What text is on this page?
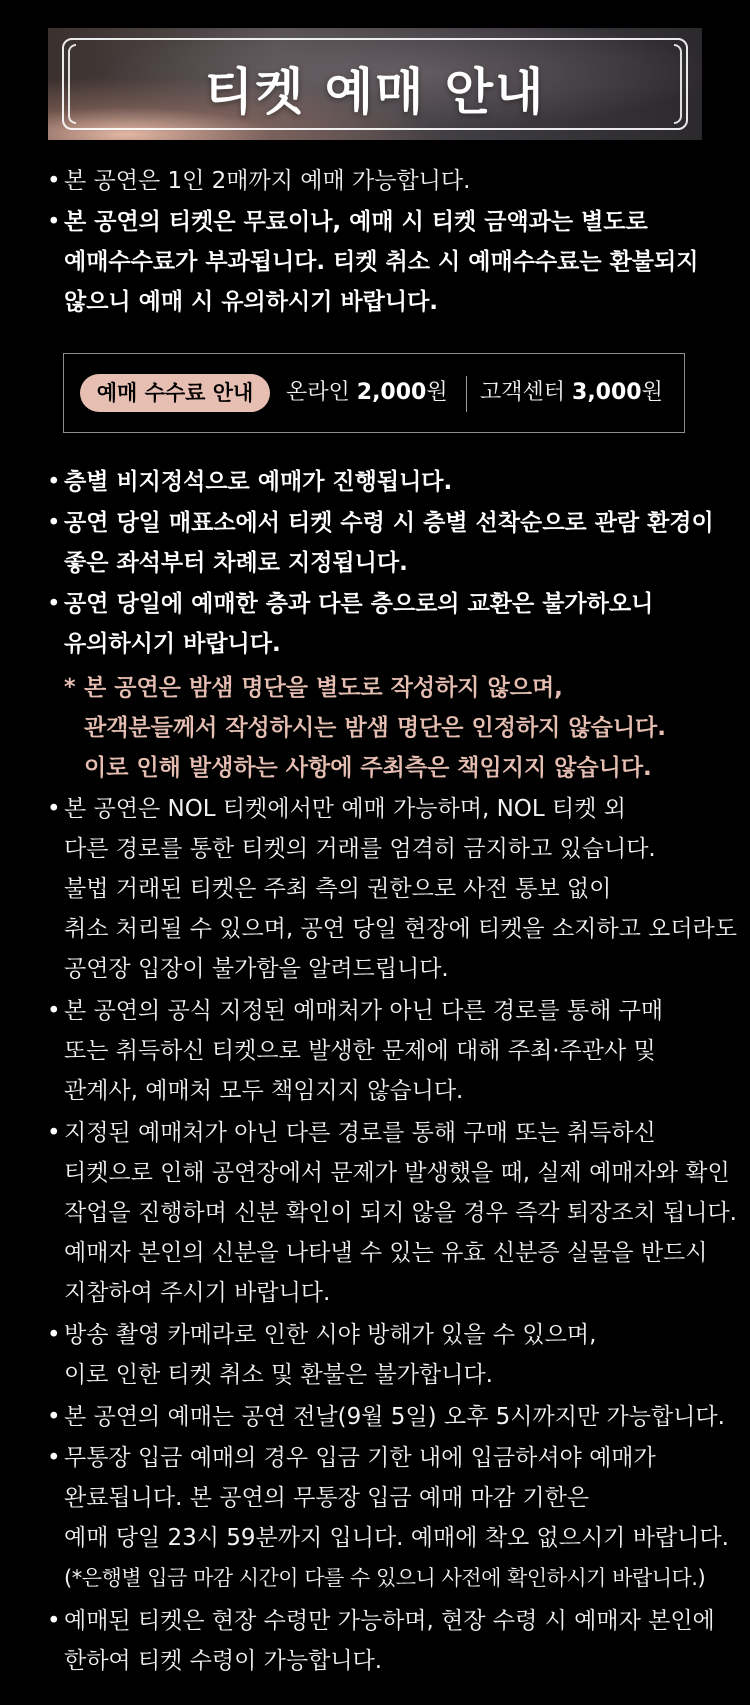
티켓 예매 안내
• 본 공연은 1인 2매까지 예매 가능합니다.
• 본 공연의 티켓은 무료이나, 예매 시 티켓 금액과는 별도로
예매수수료가 부과됩니다. 티켓 취소 시 예매수수료는 환불되지
않으니 예매 시 유의하시기 바랍니다.
예매 수수료 안내	온라인 2,000원 고객센터 3,000원
• 층별 비지정석으로 예매가 진행됩니다.
• 공연 당일 매표소에서 티켓 수령 시 층별 선착순으로 관람 환경이
좋은 좌석부터 차례로 지정됩니다.
• 공연 당일에 예매한 층과 다른 층으로의 교환은 불가하오니
유의하시기 바랍니다.
* 본 공연은 밤샘 명단을 별도로 작성하지 않으며,
관객분들께서 작성하시는 밤샘 명단은 인정하지 않습니다.
이로 인해 발생하는 사항에 주최측은 책임지지 않습니다.
• 본 공연은 NOL 티켓에서만 예매 가능하며, NOL 티켓 외
다른 경로를 통한 티켓의 거래를 엄격히 금지하고 있습니다.
불법 거래된 티켓은 주최 측의 권한으로 사전 통보 없이
취소 처리될 수 있으며, 공연 당일 현장에 티켓을 소지하고 오더라도
공연장 입장이 불가함을 알려드립니다.
• 본 공연의 공식 지정된 예매처가 아닌 다른 경로를 통해 구매
또는 취득하신 티켓으로 발생한 문제에 대해 주최·주관사 및
관계사, 예매처 모두 책임지지 않습니다.
• 지정된 예매처가 아닌 다른 경로를 통해 구매 또는 취득하신
티켓으로 인해 공연장에서 문제가 발생했을 때, 실제 예매자와 확인
작업을 진행하며 신분 확인이 되지 않을 경우 즉각 퇴장조치 됩니다.
예매자 본인의 신분을 나타낼 수 있는 유효 신분증 실물을 반드시
지참하여 주시기 바랍니다.
• 방송 촬영 카메라로 인한 시야 방해가 있을 수 있으며,
이로 인한 티켓 취소 및 환불은 불가합니다.
• 본 공연의 예매는 공연 전날(9월 5일) 오후 5시까지만 가능합니다.
• 무통장 입금 예매의 경우 입금 기한 내에 입금하셔야 예매가
완료됩니다. 본 공연의 무통장 입금 예매 마감 기한은
예매 당일 23시 59분까지 입니다. 예매에 착오 없으시기 바랍니다.
(*은행별 입금 마감 시간이 다를 수 있으니 사전에 확인하시기 바랍니다.)
• 예매된 티켓은 현장 수령만 가능하며, 현장 수령 시 예매자 본인에
한하여 티켓 수령이 가능합니다.
